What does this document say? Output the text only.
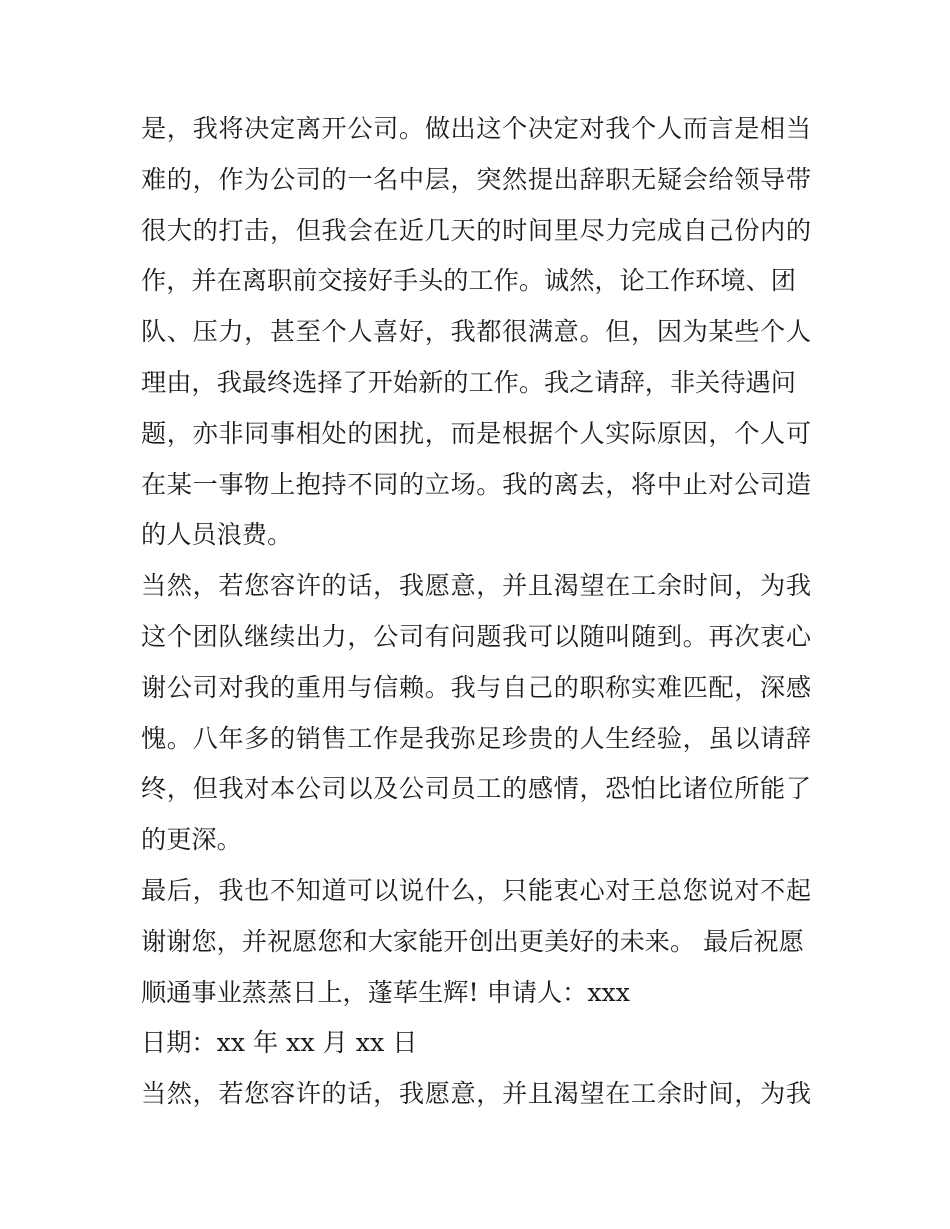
是，我将决定离开公司。做出这个决定对我个人而言是相当
难的，作为公司的一名中层，突然提出辞职无疑会给领导带
很大的打击，但我会在近几天的时间里尽力完成自己份内的
作，并在离职前交接好手头的工作。诚然，论工作环境、团
队、压力，甚至个人喜好，我都很满意。但，因为某些个人
理由，我最终选择了开始新的工作。我之请辞，非关待遇问
题，亦非同事相处的困扰，而是根据个人实际原因，个人可
在某一事物上抱持不同的立场。我的离去，将中止对公司造
的人员浪费。
当然，若您容许的话，我愿意，并且渴望在工余时间，为我
这个团队继续出力，公司有问题我可以随叫随到。再次衷心
谢公司对我的重用与信赖。我与自己的职称实难匹配，深感
愧。八年多的销售工作是我弥足珍贵的人生经验，虽以请辞
终，但我对本公司以及公司员工的感情，恐怕比诸位所能了
的更深。
最后，我也不知道可以说什么，只能衷心对王总您说对不起
谢谢您，并祝愿您和大家能开创出更美好的未来。 最后祝愿
顺通事业蒸蒸日上，蓬荜生辉! 申请人：xxx
日期：xx 年 xx 月 xx 日
当然，若您容许的话，我愿意，并且渴望在工余时间，为我
